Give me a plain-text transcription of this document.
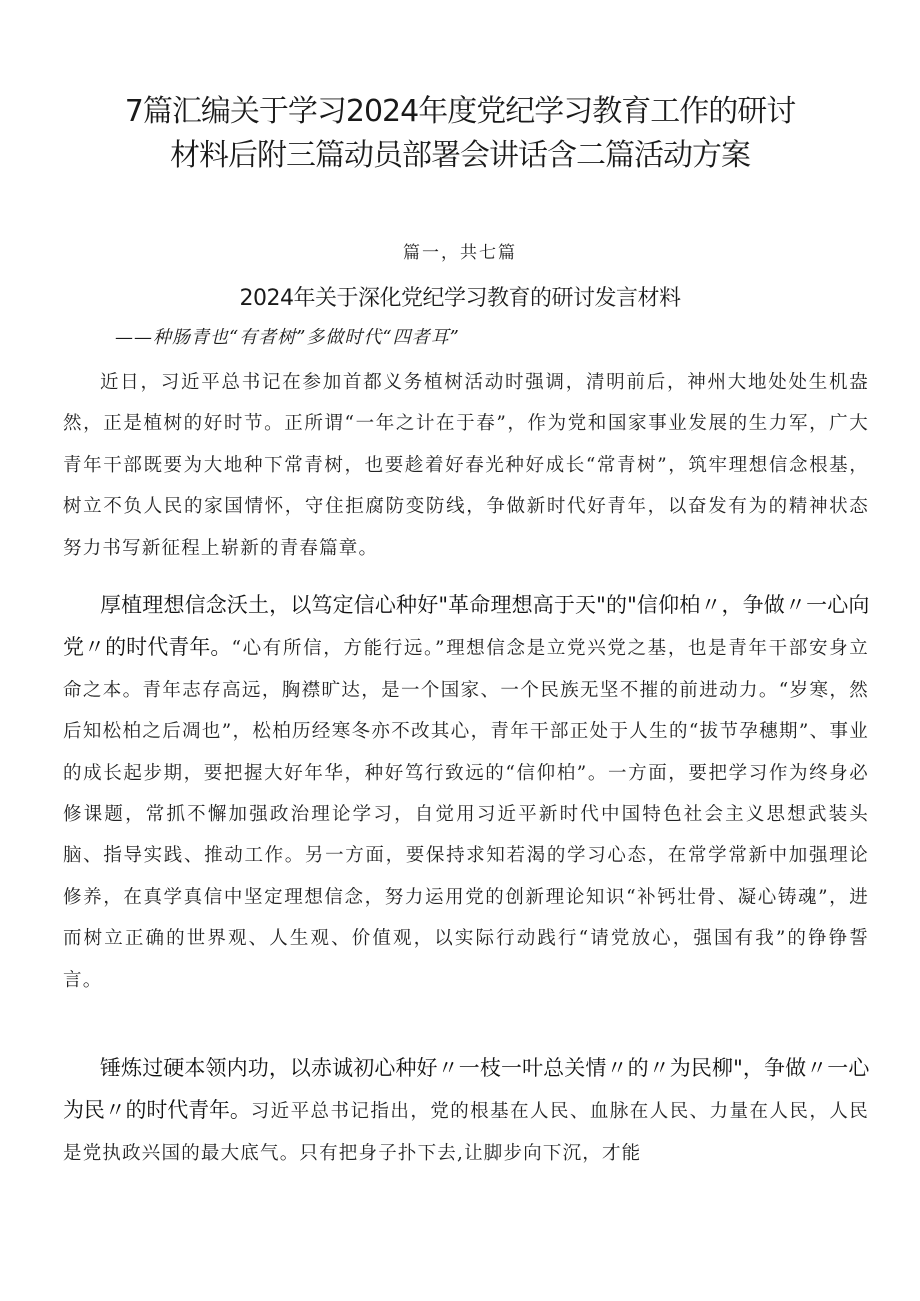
7篇汇编关于学习2024年度党纪学习教育工作的研讨
材料后附三篇动员部署会讲话含二篇活动方案
篇一，共七篇
2024年关于深化党纪学习教育的研讨发言材料
——种肠青也“有者树”多做时代“四者耳”

近日，习近平总书记在参加首都义务植树活动时强调，清明前后，神州大地处处生机盎然，正是植树的好时节。正所谓“一年之计在于春”，作为党和国家事业发展的生力军，广大青年干部既要为大地种下常青树，也要趁着好春光种好成长“常青树”，筑牢理想信念根基，树立不负人民的家国情怀，守住拒腐防变防线，争做新时代好青年，以奋发有为的精神状态努力书写新征程上崭新的青春篇章。

厚植理想信念沃土，以笃定信心种好"革命理想高于天"的"信仰柏〃，争做〃一心向党〃的时代青年。“心有所信，方能行远。”理想信念是立党兴党之基，也是青年干部安身立命之本。青年志存高远，胸襟旷达，是一个国家、一个民族无坚不摧的前进动力。“岁寒，然后知松柏之后凋也”，松柏历经寒冬亦不改其心，青年干部正处于人生的“拔节孕穗期”、事业的成长起步期，要把握大好年华，种好笃行致远的“信仰柏”。一方面，要把学习作为终身必修课题，常抓不懈加强政治理论学习，自觉用习近平新时代中国特色社会主义思想武装头脑、指导实践、推动工作。另一方面，要保持求知若渴的学习心态，在常学常新中加强理论修养，在真学真信中坚定理想信念，努力运用党的创新理论知识“补钙壮骨、凝心铸魂”，进而树立正确的世界观、人生观、价值观，以实际行动践行“请党放心，强国有我”的铮铮誓言。

锤炼过硬本领内功，以赤诚初心种好〃一枝一叶总关情〃的〃为民柳"，争做〃一心为民〃的时代青年。习近平总书记指出，党的根基在人民、血脉在人民、力量在人民，人民是党执政兴国的最大底气。只有把身子扑下去,让脚步向下沉，才能
